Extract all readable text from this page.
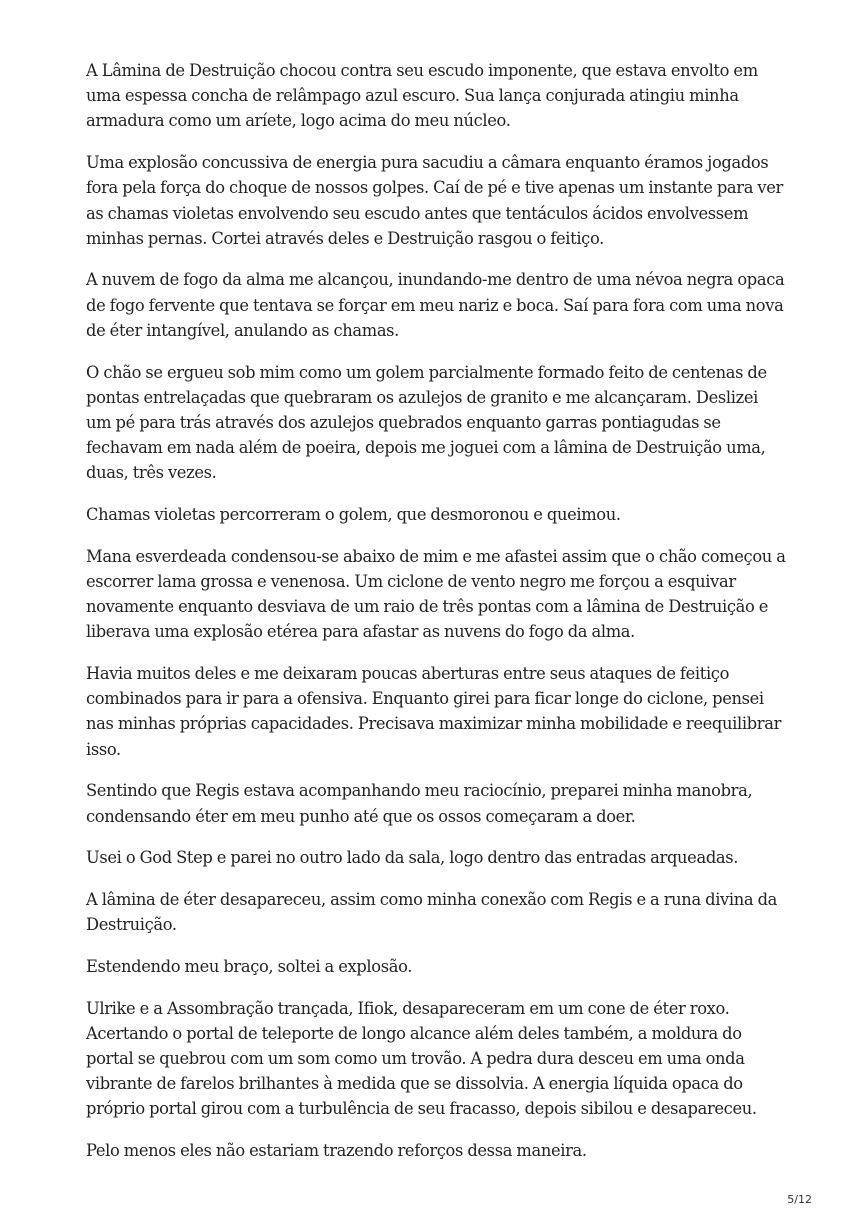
A Lâmina de Destruição chocou contra seu escudo imponente, que estava envolto em uma espessa concha de relâmpago azul escuro. Sua lança conjurada atingiu minha armadura como um aríete, logo acima do meu núcleo.

Uma explosão concussiva de energia pura sacudiu a câmara enquanto éramos jogados fora pela força do choque de nossos golpes. Caí de pé e tive apenas um instante para ver as chamas violetas envolvendo seu escudo antes que tentáculos ácidos envolvessem minhas pernas. Cortei através deles e Destruição rasgou o feitiço.

A nuvem de fogo da alma me alcançou, inundando-me dentro de uma névoa negra opaca de fogo fervente que tentava se forçar em meu nariz e boca. Saí para fora com uma nova de éter intangível, anulando as chamas.

O chão se ergueu sob mim como um golem parcialmente formado feito de centenas de pontas entrelaçadas que quebraram os azulejos de granito e me alcançaram. Deslizei um pé para trás através dos azulejos quebrados enquanto garras pontiagudas se fechavam em nada além de poeira, depois me joguei com a lâmina de Destruição uma, duas, três vezes.

Chamas violetas percorreram o golem, que desmoronou e queimou.

Mana esverdeada condensou-se abaixo de mim e me afastei assim que o chão começou a escorrer lama grossa e venenosa. Um ciclone de vento negro me forçou a esquivar novamente enquanto desviava de um raio de três pontas com a lâmina de Destruição e liberava uma explosão etérea para afastar as nuvens do fogo da alma.

Havia muitos deles e me deixaram poucas aberturas entre seus ataques de feitiço combinados para ir para a ofensiva. Enquanto girei para ficar longe do ciclone, pensei nas minhas próprias capacidades. Precisava maximizar minha mobilidade e reequilibrar isso.

Sentindo que Regis estava acompanhando meu raciocínio, preparei minha manobra, condensando éter em meu punho até que os ossos começaram a doer.

Usei o God Step e parei no outro lado da sala, logo dentro das entradas arqueadas.

A lâmina de éter desapareceu, assim como minha conexão com Regis e a runa divina da Destruição.

Estendendo meu braço, soltei a explosão.

Ulrike e a Assombração trançada, Ifiok, desapareceram em um cone de éter roxo. Acertando o portal de teleporte de longo alcance além deles também, a moldura do portal se quebrou com um som como um trovão. A pedra dura desceu em uma onda vibrante de farelos brilhantes à medida que se dissolvia. A energia líquida opaca do próprio portal girou com a turbulência de seu fracasso, depois sibilou e desapareceu.

Pelo menos eles não estariam trazendo reforços dessa maneira.

5/12
